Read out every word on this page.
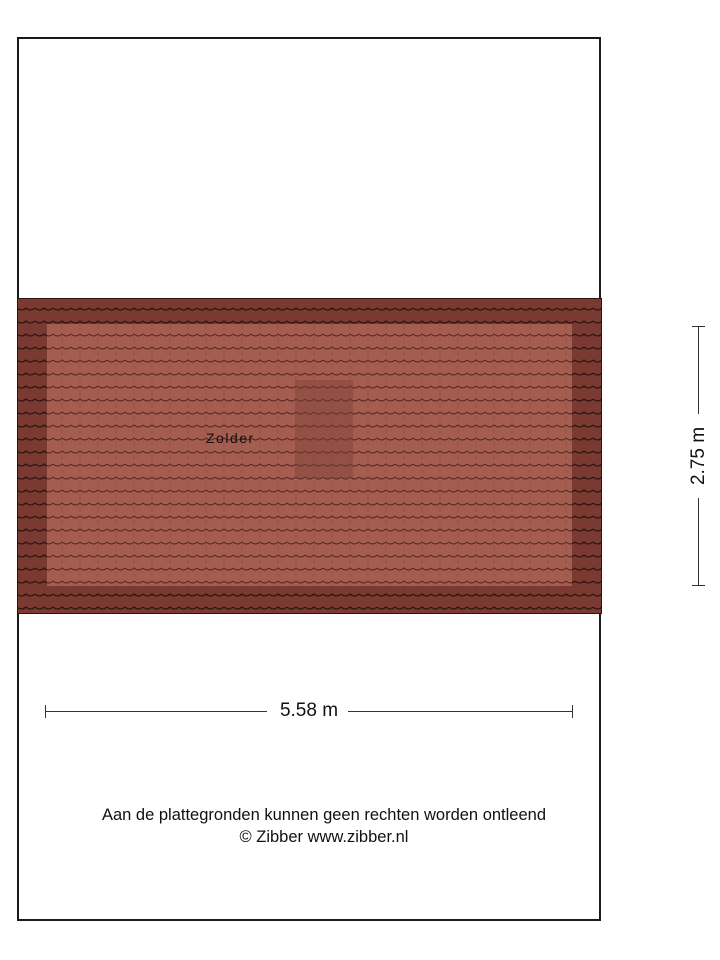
Zolder
5.58 m
2.75 m
Aan de plattegronden kunnen geen rechten worden ontleend
© Zibber www.zibber.nl
